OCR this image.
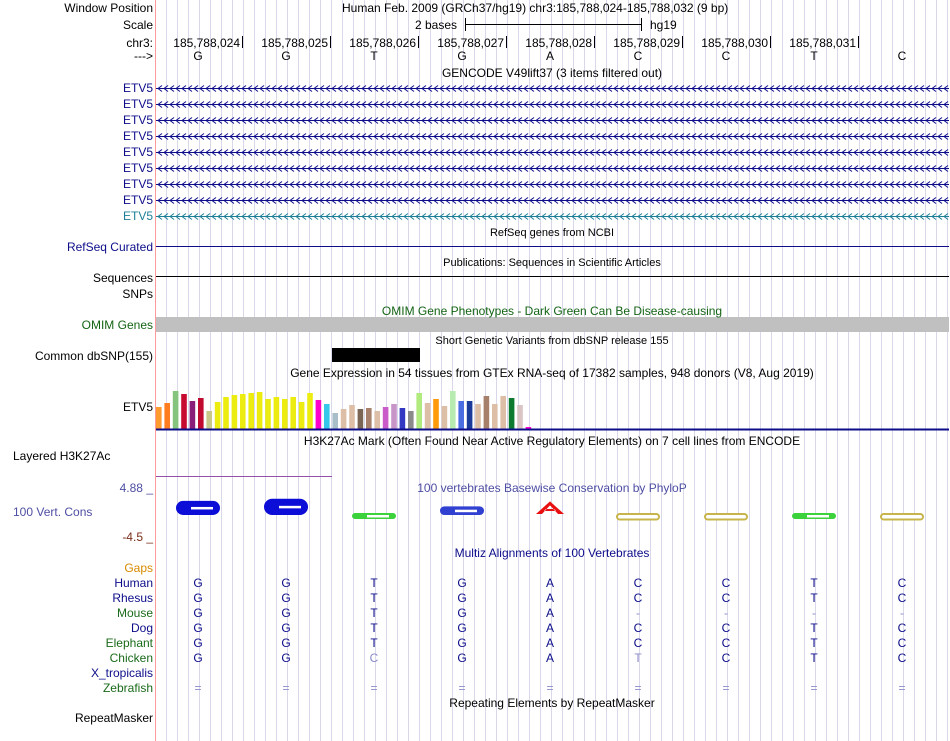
Window Position	Human Feb. 2009 (GRCh37/hg19) chr3:185,788,024-185,788,032 (9 bp)
Scale	2 bases	hg19
chr3: 185,788,024 185,788,025 185,788,026 185,788,027 185,788,028 185,788,029 185,788,030 185,788,031
--->	G	G	T	G	A	C	C	T	C
GENCODE V49lift37 (3 items filtered out)
ETV5
ETV5
ETV5
ETV5
ETV5
ETV5
ETV5
ETV5
ETV5
RefSeq genes from NCBI
RefSeq Curated
Publications: Sequences in Scientific Articles
Sequences
SNPs
OMIM Gene Phenotypes - Dark Green Can Be Disease-causing
OMIM Genes
Short Genetic Variants from dbSNP release 155
Common dbSNP(155)
Gene Expression in 54 tissues from GTEx RNA-seq of 17382 samples, 948 donors (V8, Aug 2019)
ETV5
H3K27Ac Mark (Often Found Near Active Regulatory Elements) on 7 cell lines from ENCODE
Layered H3K27Ac
4.88 _	100 vertebrates Basewise Conservation by PhyloP
100 Vert. Cons
-4.5 _
Multiz Alignments of 100 Vertebrates
Gaps
Human	G	G	T	G	A	C	C	T	C
Rhesus	G	G	T	G	A	C	C	T	C
Mouse	G	G	T	G	A	-	-	-	-
Dog	G	G	T	G	A	C	C	T	C
Elephant	G	G	T	G	A	C	C	T	C
Chicken	G	G	C	G	A	T	C	T	C
X_tropicalis
Zebrafish	=	=	=	=	=	=	=	=	=
Repeating Elements by RepeatMasker
RepeatMasker
